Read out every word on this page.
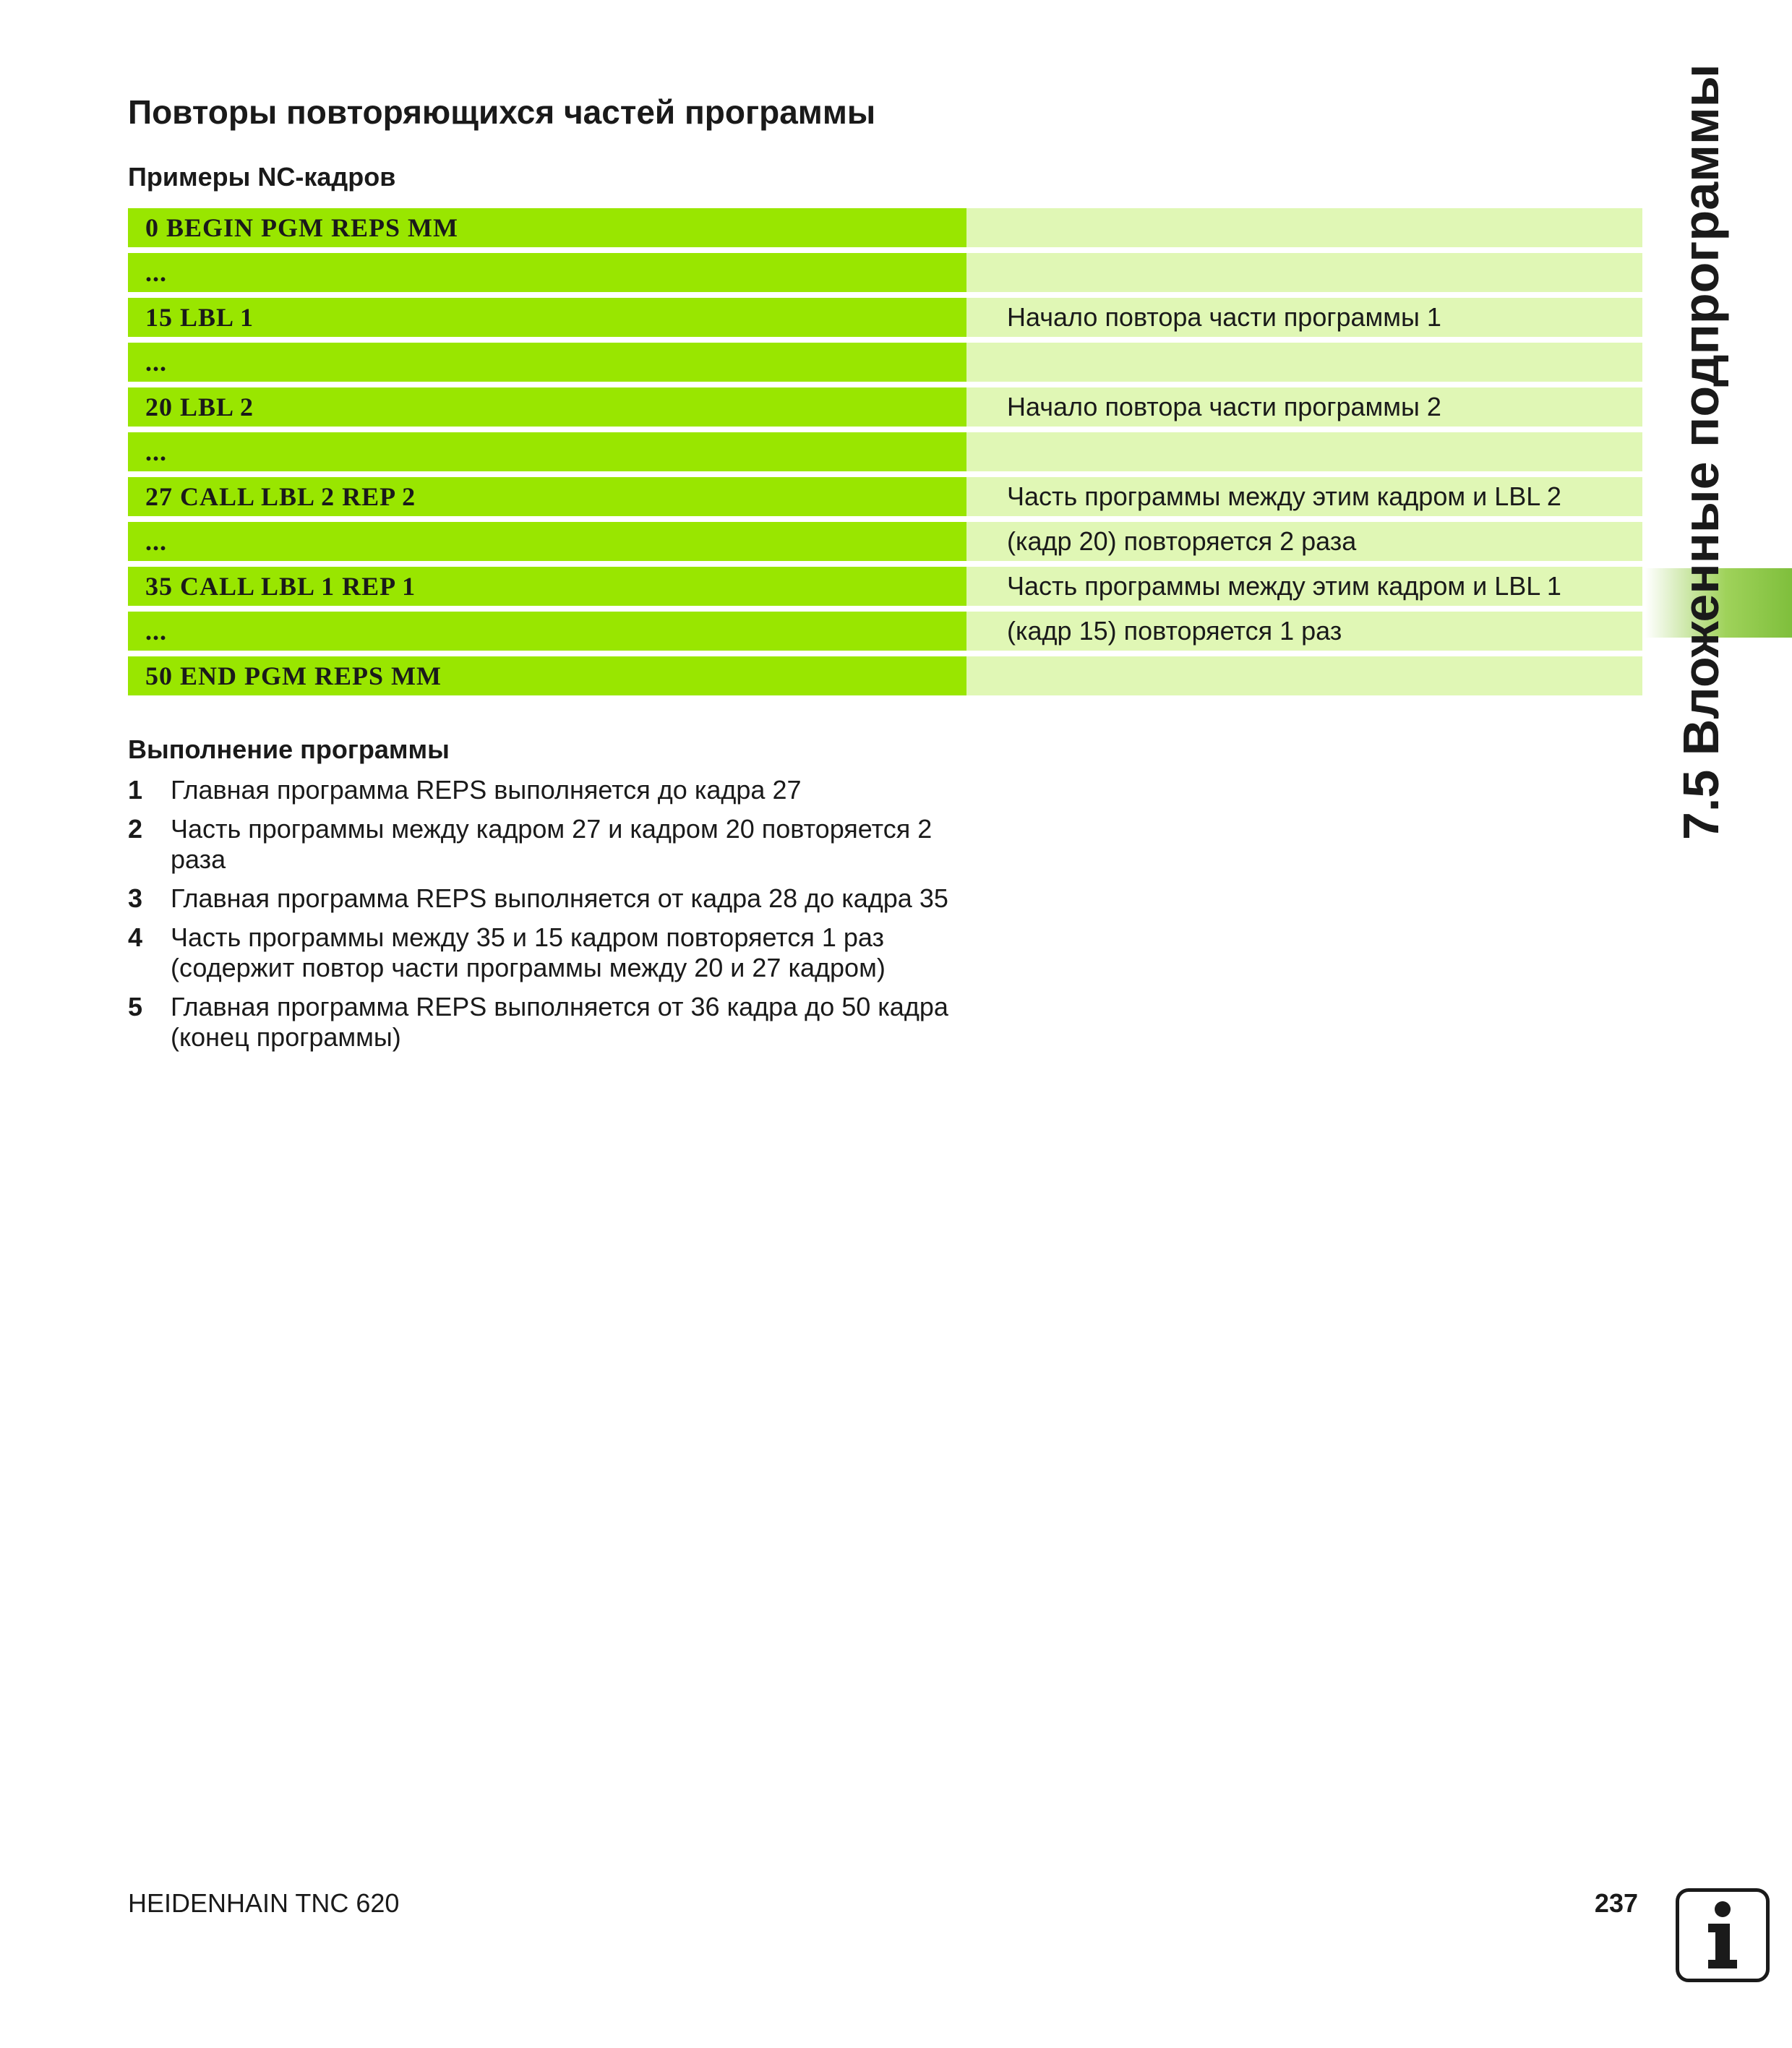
Повторы повторяющихся частей программы
Примеры NC-кадров
0 BEGIN PGM REPS MM
...
15 LBL 1	Начало повтора части программы 1
...
20 LBL 2	Начало повтора части программы 2
...
27 CALL LBL 2 REP 2	Часть программы между этим кадром и LBL 2
...	(кадр 20) повторяется 2 раза
35 CALL LBL 1 REP 1	Часть программы между этим кадром и LBL 1
...	(кадр 15) повторяется 1 раз
50 END PGM REPS MM
Выполнение программы
1	Главная программа REPS выполняется до кадра 27
2	Часть программы между кадром 27 и кадром 20 повторяется 2 раза
3	Главная программа REPS выполняется от кадра 28 до кадра 35
4	Часть программы между 35 и 15 кадром повторяется 1 раз (содержит повтор части программы между 20 и 27 кадром)
5	Главная программа REPS выполняется от 36 кадра до 50 кадра (конец программы)
7.5 Вложенные подпрограммы
HEIDENHAIN TNC 620	237
